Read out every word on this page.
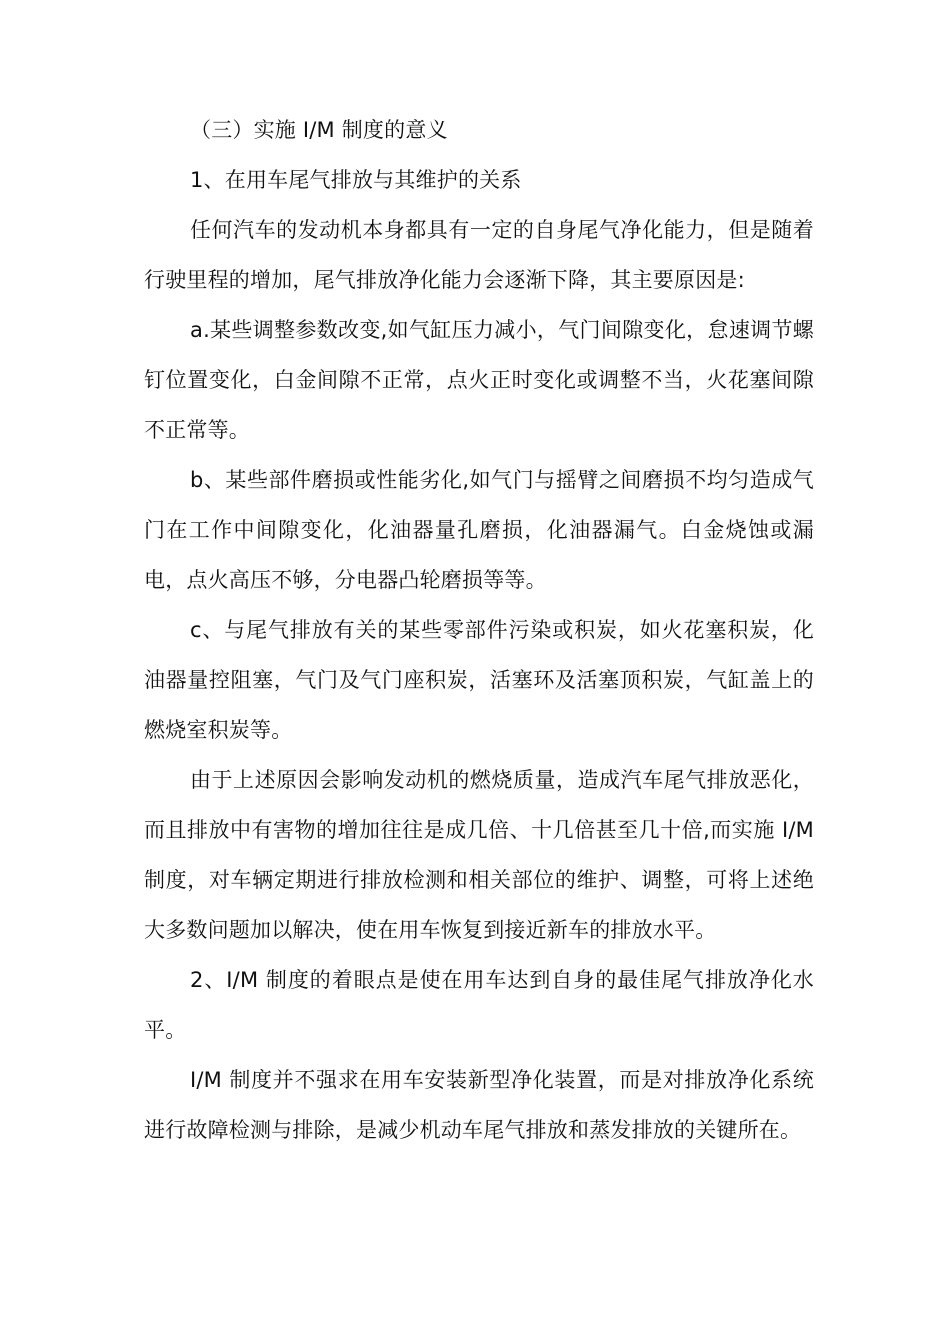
（三）实施 I/M 制度的意义

1、在用车尾气排放与其维护的关系

任何汽车的发动机本身都具有一定的自身尾气净化能力，但是随着行驶里程的增加，尾气排放净化能力会逐渐下降，其主要原因是:

a.某些调整参数改变,如气缸压力减小，气门间隙变化，怠速调节螺钉位置变化，白金间隙不正常，点火正时变化或调整不当，火花塞间隙不正常等。

b、某些部件磨损或性能劣化,如气门与摇臂之间磨损不均匀造成气门在工作中间隙变化，化油器量孔磨损，化油器漏气。白金烧蚀或漏电，点火高压不够，分电器凸轮磨损等等。

c、与尾气排放有关的某些零部件污染或积炭，如火花塞积炭，化油器量控阻塞，气门及气门座积炭，活塞环及活塞顶积炭，气缸盖上的燃烧室积炭等。

由于上述原因会影响发动机的燃烧质量，造成汽车尾气排放恶化，而且排放中有害物的增加往往是成几倍、十几倍甚至几十倍,而实施 I/M 制度，对车辆定期进行排放检测和相关部位的维护、调整，可将上述绝大多数问题加以解决，使在用车恢复到接近新车的排放水平。

2、I/M 制度的着眼点是使在用车达到自身的最佳尾气排放净化水平。

I/M 制度并不强求在用车安装新型净化装置，而是对排放净化系统进行故障检测与排除，是减少机动车尾气排放和蒸发排放的关键所在。
